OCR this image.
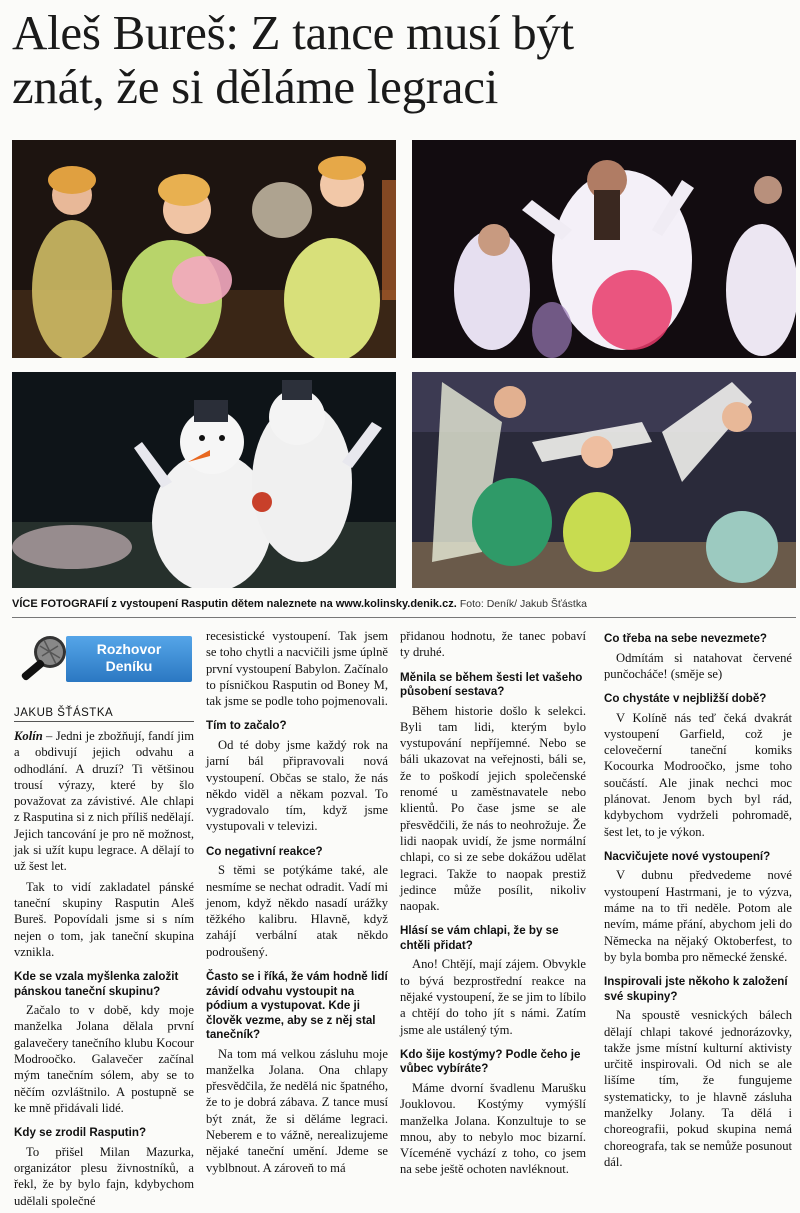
Aleš Bureš: Z tance musí být
znát, že si děláme legraci
VÍCE FOTOGRAFIÍ z vystoupení Rasputin dětem naleznete na www.kolinsky.denik.cz. Foto: Deník/ Jakub Šťástka
Rozhovor
Deníku
JAKUB ŠŤÁSTKA

Kolín – Jedni je zbožňují, fandí jim a obdivují jejich odvahu a odhodlání. A druzí? Ti většinou trousí výrazy, které by šlo považovat za závistivé. Ale chlapi z Rasputina si z nich příliš nedělají. Jejich tancování je pro ně možnost, jak si užít kupu legrace. A dělají to už šest let.

Tak to vidí zakladatel pánské taneční skupiny Rasputin Aleš Bureš. Popovídali jsme si s ním nejen o tom, jak taneční skupina vznikla.

Kde se vzala myšlenka založit pánskou taneční skupinu?

Začalo to v době, kdy moje manželka Jolana dělala první galavečery tanečního klubu Kocour Modroočko. Galavečer začínal mým tanečním sólem, aby se to něčím ozvláštnilo. A postupně se ke mně přidávali lidé.

Kdy se zrodil Rasputin?

To přišel Milan Mazurka, organizátor plesu živnostníků, a řekl, že by bylo fajn, kdybychom udělali společné

recesistické vystoupení. Tak jsem se toho chytli a nacvičili jsme úplně první vystoupení Babylon. Začínalo to písničkou Rasputin od Boney M, tak jsme se podle toho pojmenovali.

Tím to začalo?

Od té doby jsme každý rok na jarní bál připravovali nová vystoupení. Občas se stalo, že nás někdo viděl a někam pozval. To vygradovalo tím, když jsme vystupovali v televizi.

Co negativní reakce?

S těmi se potýkáme také, ale nesmíme se nechat odradit. Vadí mi jenom, když někdo nasadí urážky těžkého kalibru. Hlavně, když zahájí verbální atak někdo podroušený.

Často se i říká, že vám hodně lidí závidí odvahu vystoupit na pódium a vystupovat. Kde ji člověk vezme, aby se z něj stal tanečník?

Na tom má velkou zásluhu moje manželka Jolana. Ona chlapy přesvědčila, že nedělá nic špatného, že to je dobrá zábava. Z tance musí být znát, že si děláme legraci. Neberem e to vážně, nerealizujeme nějaké taneční umění. Jdeme se vyblbnout. A zároveň to má

přidanou hodnotu, že tanec pobaví ty druhé.

Měnila se během šesti let vašeho působení sestava?

Během historie došlo k selekci. Byli tam lidi, kterým bylo vystupování nepříjemné. Nebo se báli ukazovat na veřejnosti, báli se, že to poškodí jejich společenské renomé u zaměstnavatele nebo klientů. Po čase jsme se ale přesvědčili, že nás to neohrožuje. Že lidi naopak uvidí, že jsme normální chlapi, co si ze sebe dokážou udělat legraci. Takže to naopak prestiž jedince může posílit, nikoliv naopak.

Hlásí se vám chlapi, že by se chtěli přidat?

Ano! Chtějí, mají zájem. Obvykle to bývá bezprostřední reakce na nějaké vystoupení, že se jim to líbilo a chtějí do toho jít s námi. Zatím jsme ale ustálený tým.

Kdo šije kostýmy? Podle čeho je vůbec vybíráte?

Máme dvorní švadlenu Marušku Jouklovou. Kostýmy vymýšlí manželka Jolana. Konzultuje to se mnou, aby to nebylo moc bizarní. Víceméně vychází z toho, co jsem na sebe ještě ochoten navléknout.

Co třeba na sebe nevezmete?

Odmítám si natahovat červené punčocháče! (směje se)

Co chystáte v nejbližší době?

V Kolíně nás teď čeká dvakrát vystoupení Garfield, což je celovečerní taneční komiks Kocourka Modroočko, jsme toho součástí. Ale jinak nechci moc plánovat. Jenom bych byl rád, kdybychom vydrželi pohromadě, šest let, to je výkon.

Nacvičujete nové vystoupení?

V dubnu předvedeme nové vystoupení Hastrmani, je to výzva, máme na to tři neděle. Potom ale nevím, máme přání, abychom jeli do Německa na nějaký Oktoberfest, to by byla bomba pro německé ženské.

Inspirovali jste někoho k založení své skupiny?

Na spoustě vesnických bálech dělají chlapi takové jednorázovky, takže jsme místní kulturní aktivisty určitě inspirovali. Od nich se ale lišíme tím, že fungujeme systematicky, to je hlavně zásluha manželky Jolany. Ta dělá i choreografii, pokud skupina nemá choreografa, tak se nemůže posunout dál.
